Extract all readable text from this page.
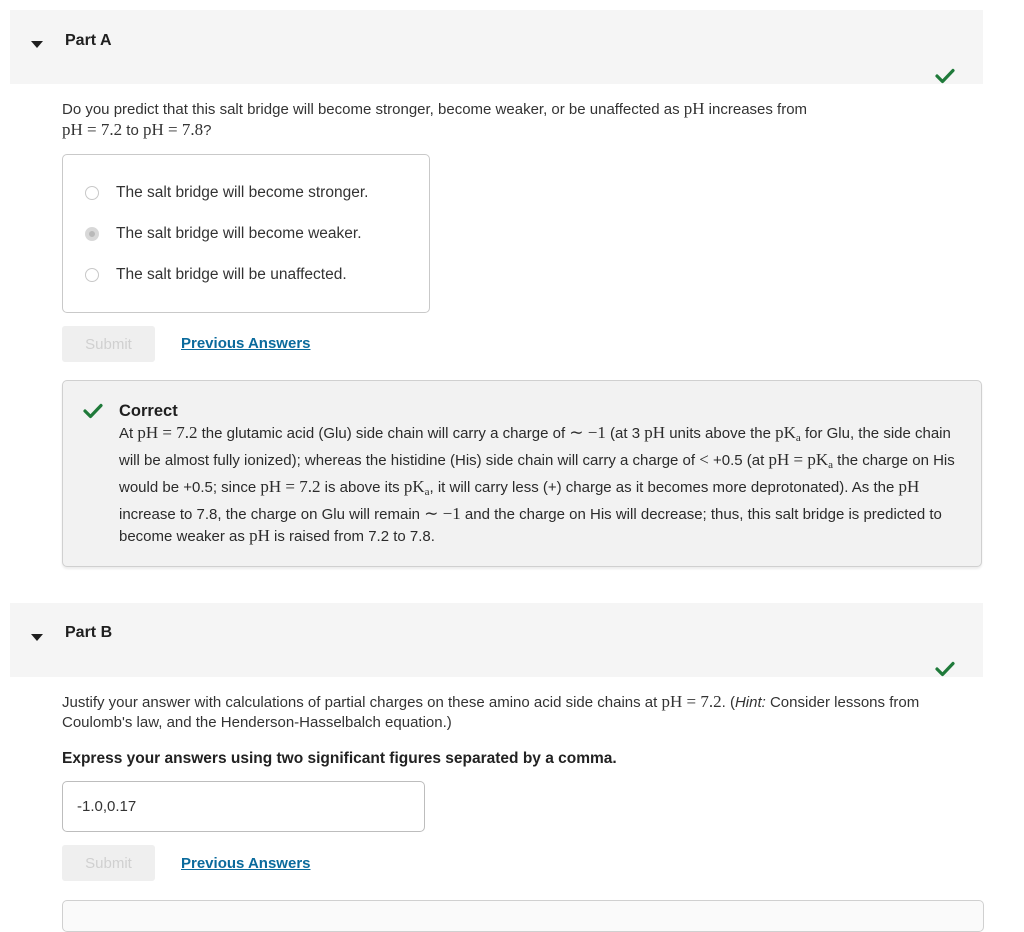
Part A
Do you predict that this salt bridge will become stronger, become weaker, or be unaffected as pH increases from
pH = 7.2 to pH = 7.8?
The salt bridge will become stronger.
The salt bridge will become weaker.
The salt bridge will be unaffected.
Submit	Previous Answers
Correct
At pH = 7.2 the glutamic acid (Glu) side chain will carry a charge of ∼ −1 (at 3 pH units above the $pK_a$ for Glu, the side chain will be almost fully ionized); whereas the histidine (His) side chain will carry a charge of < +0.5 (at pH = $pK_a$ the charge on His would be +0.5; since pH = 7.2 is above its $pK_a$, it will carry less (+) charge as it becomes more deprotonated). As the pH increase to 7.8, the charge on Glu will remain ∼ −1 and the charge on His will decrease; thus, this salt bridge is predicted to become weaker as pH is raised from 7.2 to 7.8.
Part B
Justify your answer with calculations of partial charges on these amino acid side chains at pH = 7.2. (Hint: Consider lessons from Coulomb's law, and the Henderson-Hasselbalch equation.)
Express your answers using two significant figures separated by a comma.
-1.0,0.17
Submit	Previous Answers
